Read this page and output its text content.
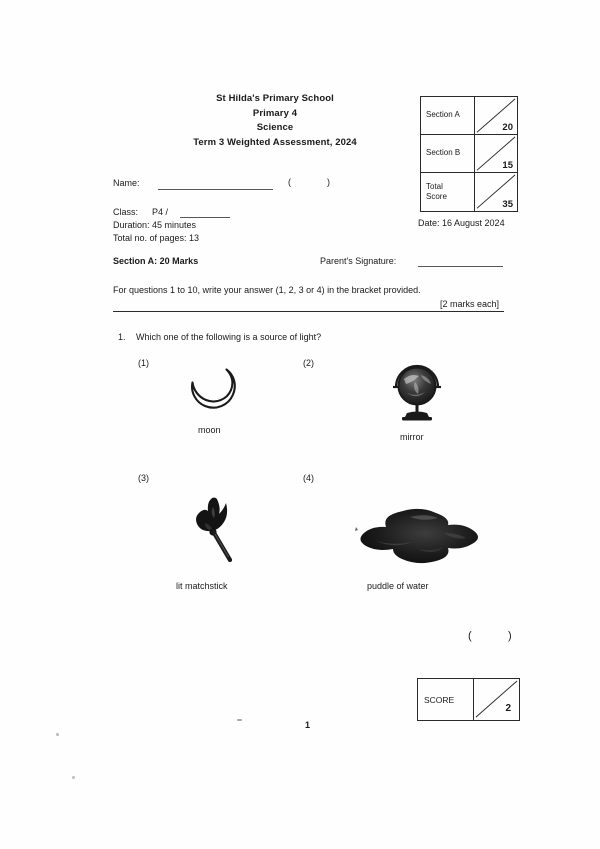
St Hilda's Primary School
Primary 4
Science
Term 3 Weighted Assessment, 2024
Section A
20
Section B
15
Total
Score
35
Name:	(	)
Class: P4 /
Duration: 45 minutes
Total no. of pages: 13
Date: 16 August 2024
Section A: 20 Marks	Parent's Signature:
For questions 1 to 10, write your answer (1, 2, 3 or 4) in the bracket provided.
[2 marks each]
1. Which one of the following is a source of light?
(1)
moon
(2)
mirror
(3)
lit matchstick
(4)
puddle of water
(	)
SCORE
2
1
